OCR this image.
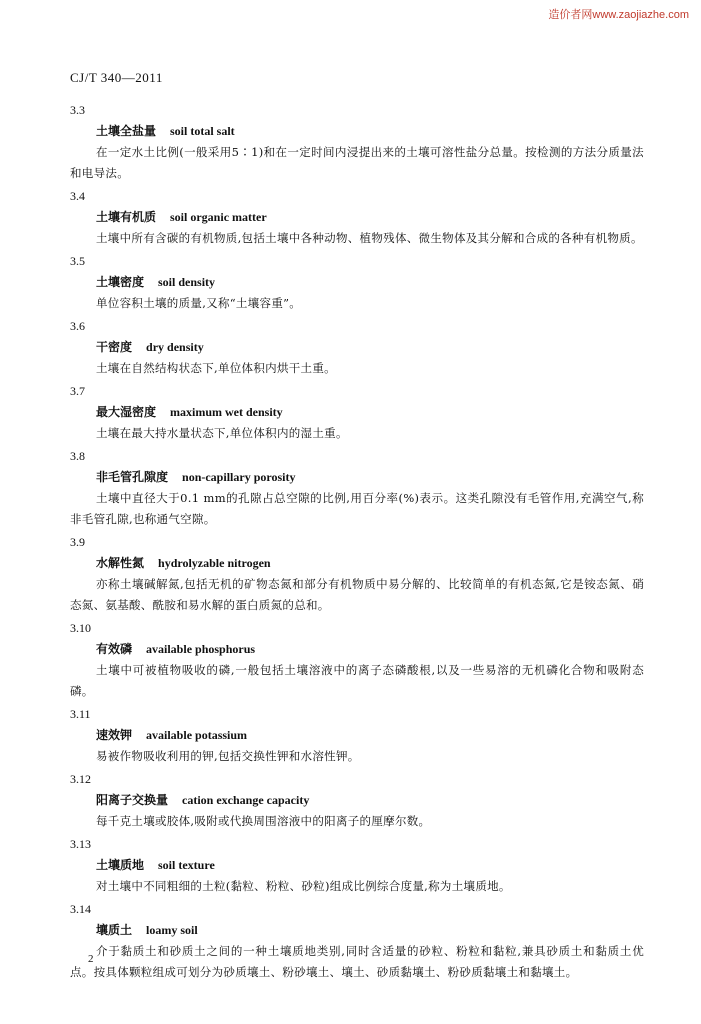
造价者网www.zaojiazhe.com
CJ/T 340—2011
3.3
土壤全盐量 soil total salt

在一定水土比例(一般采用5∶1)和在一定时间内浸提出来的土壤可溶性盐分总量。按检测的方法分质量法和电导法。

3.4
土壤有机质 soil organic matter

土壤中所有含碳的有机物质,包括土壤中各种动物、植物残体、微生物体及其分解和合成的各种有机物质。

3.5
土壤密度 soil density

单位容积土壤的质量,又称“土壤容重”。

3.6
干密度 dry density

土壤在自然结构状态下,单位体积内烘干土重。

3.7
最大湿密度 maximum wet density

土壤在最大持水量状态下,单位体积内的湿土重。

3.8
非毛管孔隙度 non-capillary porosity

土壤中直径大于0.1 mm的孔隙占总空隙的比例,用百分率(%)表示。这类孔隙没有毛管作用,充满空气,称非毛管孔隙,也称通气空隙。

3.9
水解性氮 hydrolyzable nitrogen

亦称土壤碱解氮,包括无机的矿物态氮和部分有机物质中易分解的、比较简单的有机态氮,它是铵态氮、硝态氮、氨基酸、酰胺和易水解的蛋白质氮的总和。

3.10
有效磷 available phosphorus

土壤中可被植物吸收的磷,一般包括土壤溶液中的离子态磷酸根,以及一些易溶的无机磷化合物和吸附态磷。

3.11
速效钾 available potassium

易被作物吸收利用的钾,包括交换性钾和水溶性钾。

3.12
阳离子交换量 cation exchange capacity

每千克土壤或胶体,吸附或代换周围溶液中的阳离子的厘摩尔数。

3.13
土壤质地 soil texture

对土壤中不同粗细的土粒(黏粒、粉粒、砂粒)组成比例综合度量,称为土壤质地。

3.14
壤质土 loamy soil

介于黏质土和砂质土之间的一种土壤质地类别,同时含适量的砂粒、粉粒和黏粒,兼具砂质土和黏质土优点。按具体颗粒组成可划分为砂质壤土、粉砂壤土、壤土、砂质黏壤土、粉砂质黏壤土和黏壤土。

2
